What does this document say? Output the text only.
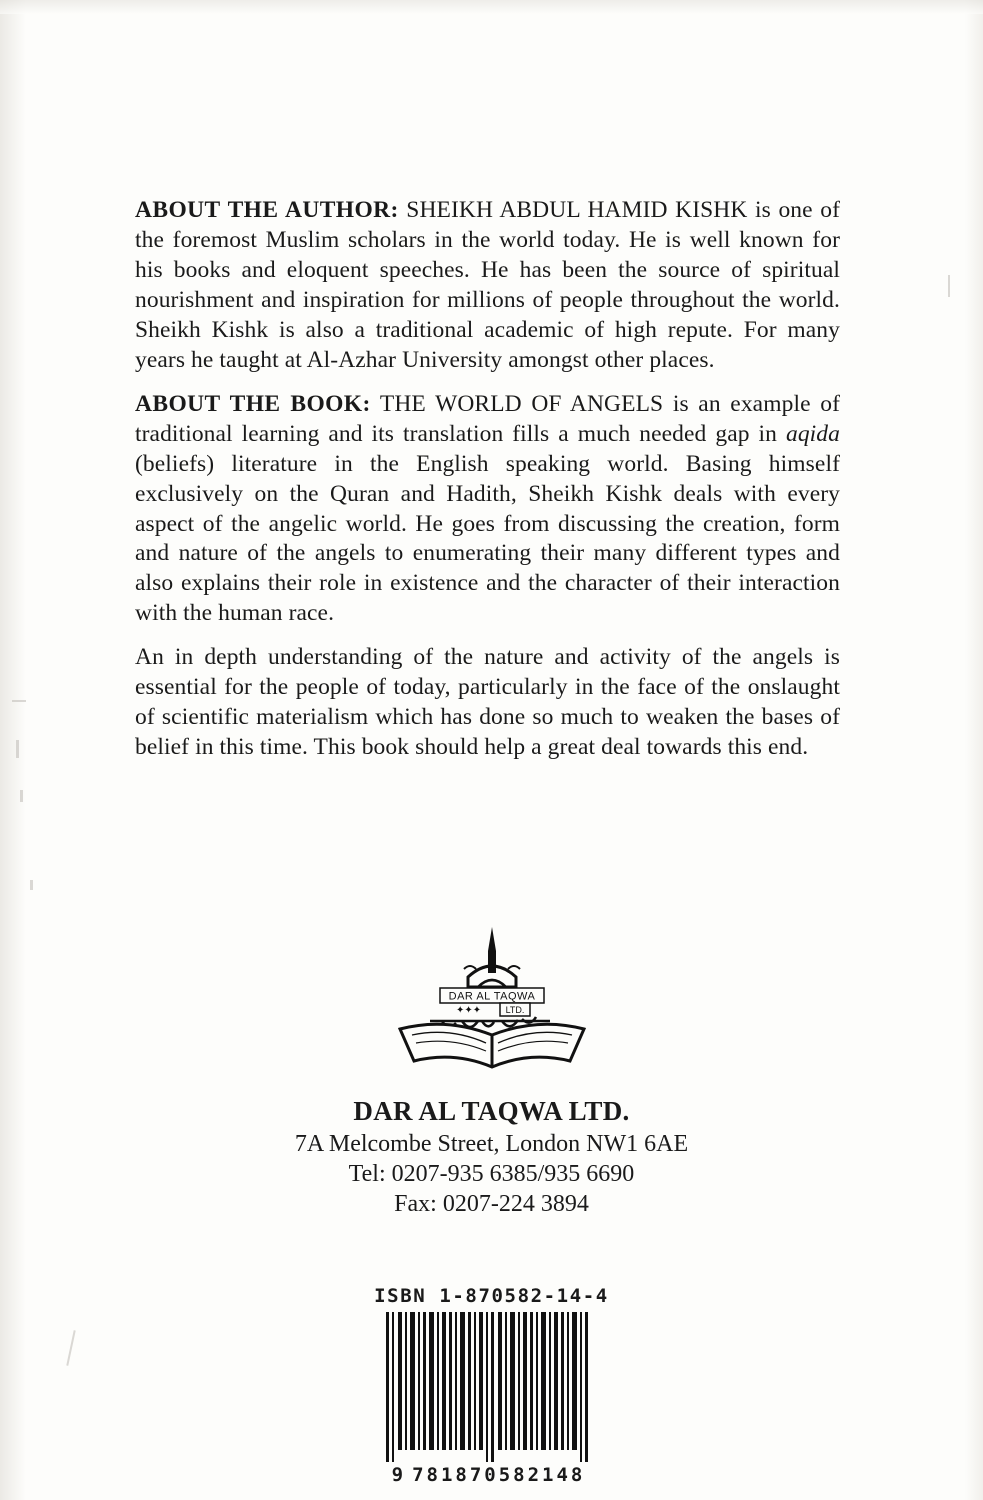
ABOUT THE AUTHOR: SHEIKH ABDUL HAMID KISHK is one of the foremost Muslim scholars in the world today. He is well known for his books and eloquent speeches. He has been the source of spiritual nourishment and inspiration for millions of people throughout the world. Sheikh Kishk is also a traditional academic of high repute. For many years he taught at Al-Azhar University amongst other places.

ABOUT THE BOOK: THE WORLD OF ANGELS is an example of traditional learning and its translation fills a much needed gap in aqida (beliefs) literature in the English speaking world. Basing himself exclusively on the Quran and Hadith, Sheikh Kishk deals with every aspect of the angelic world. He goes from discussing the creation, form and nature of the angels to enumerating their many different types and also explains their role in existence and the character of their interaction with the human race.

An in depth understanding of the nature and activity of the angels is essential for the people of today, particularly in the face of the onslaught of scientific materialism which has done so much to weaken the bases of belief in this time. This book should help a great deal towards this end.

DAR AL TAQWA
LTD.
✦✦✦
DAR AL TAQWA LTD.
7A Melcombe Street, London NW1 6AE
Tel: 0207-935 6385/935 6690
Fax: 0207-224 3894
ISBN 1-870582-14-4
9 781870582148
